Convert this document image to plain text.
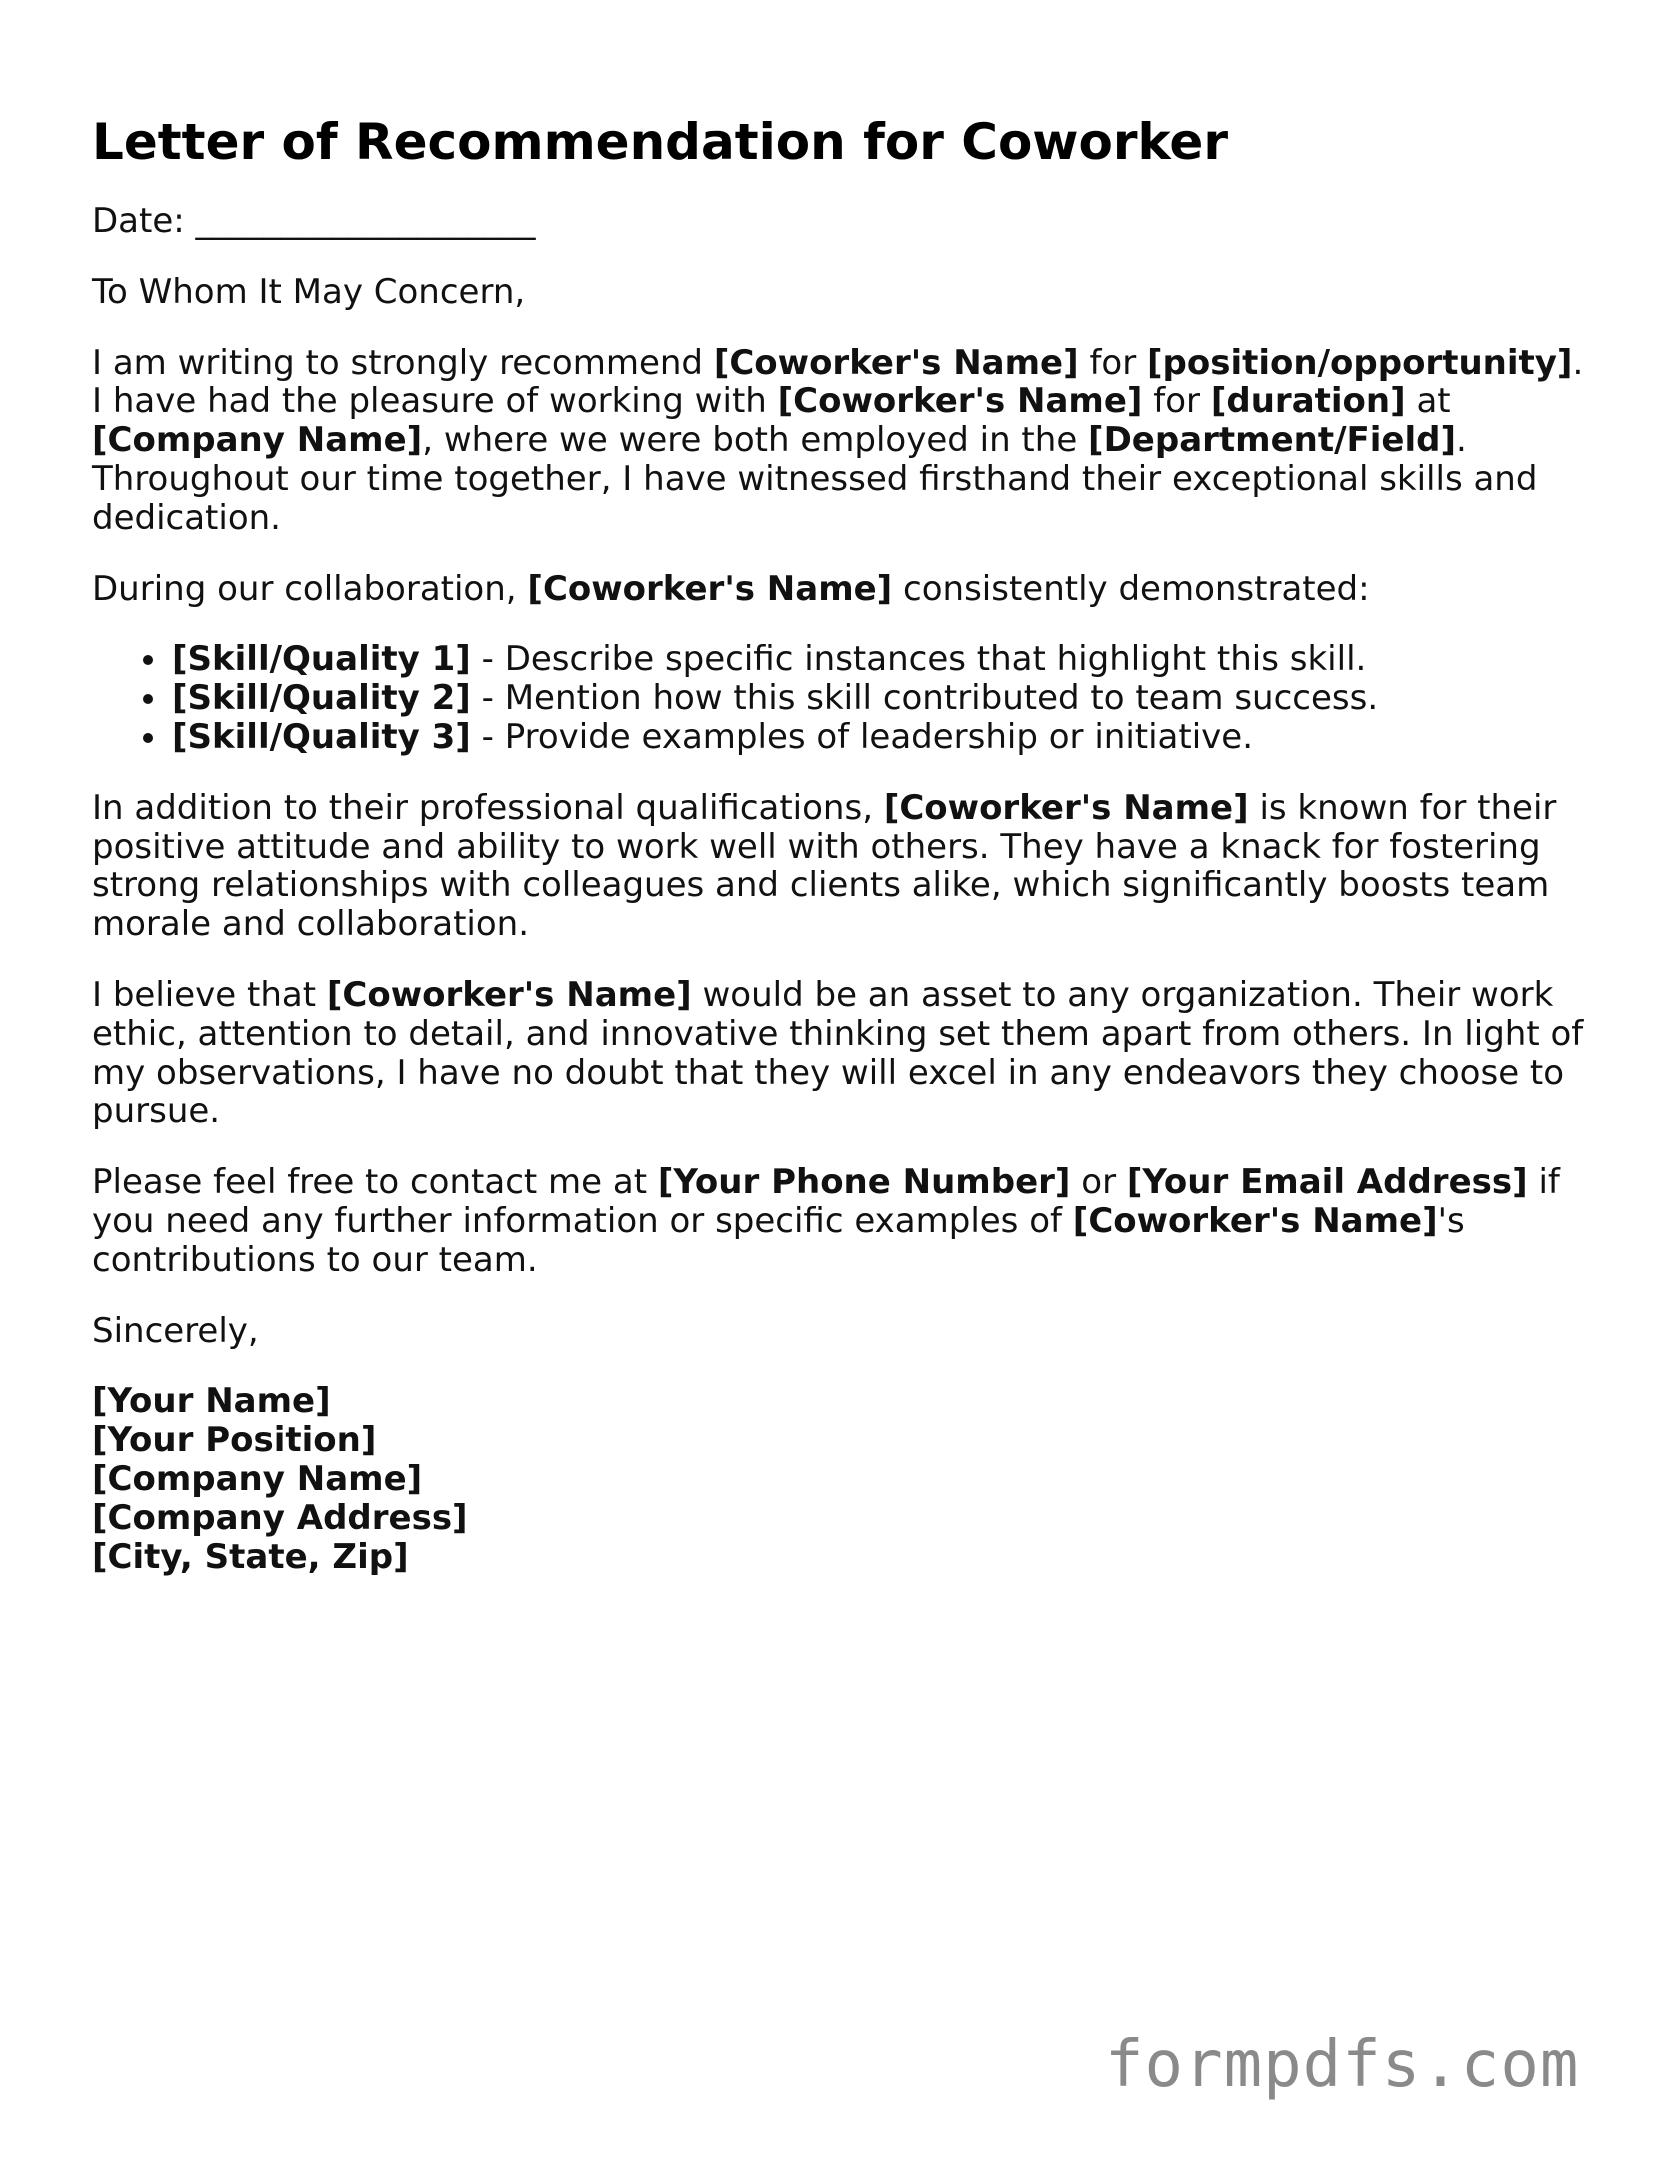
Letter of Recommendation for Coworker

Date: ____________________

To Whom It May Concern,

I am writing to strongly recommend [Coworker's Name] for [position/opportunity]. I have had the pleasure of working with [Coworker's Name] for [duration] at [Company Name], where we were both employed in the [Department/Field]. Throughout our time together, I have witnessed firsthand their exceptional skills and dedication.

During our collaboration, [Coworker's Name] consistently demonstrated:

[Skill/Quality 1] - Describe specific instances that highlight this skill.
[Skill/Quality 2] - Mention how this skill contributed to team success.
[Skill/Quality 3] - Provide examples of leadership or initiative.

In addition to their professional qualifications, [Coworker's Name] is known for their positive attitude and ability to work well with others. They have a knack for fostering strong relationships with colleagues and clients alike, which significantly boosts team morale and collaboration.

I believe that [Coworker's Name] would be an asset to any organization. Their work ethic, attention to detail, and innovative thinking set them apart from others. In light of my observations, I have no doubt that they will excel in any endeavors they choose to pursue.

Please feel free to contact me at [Your Phone Number] or [Your Email Address] if you need any further information or specific examples of [Coworker's Name]'s contributions to our team.

Sincerely,

[Your Name]
[Your Position]
[Company Name]
[Company Address]
[City, State, Zip]
formpdfs.com
